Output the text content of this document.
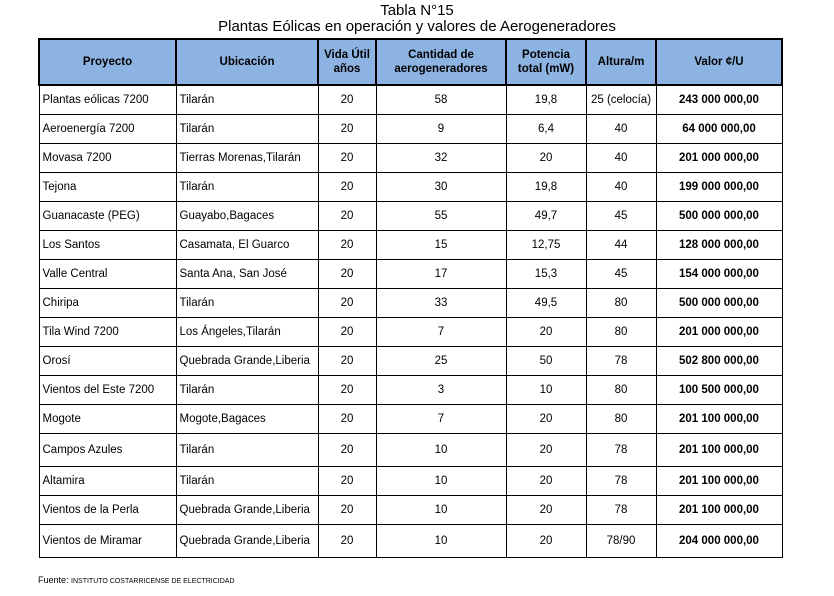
Tabla N°15
Plantas Eólicas en operación y valores de Aerogeneradores
Proyecto	Ubicación	Vida Útil años	Cantidad de aerogeneradores	Potencia total (mW)	Altura/m	Valor ¢/U
Plantas eólicas 7200	Tilarán	20	58	19,8	25 (celocía)	243 000 000,00
Aeroenergía 7200	Tilarán	20	9	6,4	40	64 000 000,00
Movasa 7200	Tierras Morenas,Tilarán	20	32	20	40	201 000 000,00
Tejona	Tilarán	20	30	19,8	40	199 000 000,00
Guanacaste (PEG)	Guayabo,Bagaces	20	55	49,7	45	500 000 000,00
Los Santos	Casamata, El Guarco	20	15	12,75	44	128 000 000,00
Valle Central	Santa Ana, San José	20	17	15,3	45	154 000 000,00
Chiripa	Tilarán	20	33	49,5	80	500 000 000,00
Tila Wind 7200	Los Ángeles,Tilarán	20	7	20	80	201 000 000,00
Orosí	Quebrada Grande,Liberia	20	25	50	78	502 800 000,00
Vientos del Este 7200	Tilarán	20	3	10	80	100 500 000,00
Mogote	Mogote,Bagaces	20	7	20	80	201 100 000,00
Campos Azules	Tilarán	20	10	20	78	201 100 000,00
Altamira	Tilarán	20	10	20	78	201 100 000,00
Vientos de la Perla	Quebrada Grande,Liberia	20	10	20	78	201 100 000,00
Vientos de Miramar	Quebrada Grande,Liberia	20	10	20	78/90	204 000 000,00
Fuente: INSTITUTO COSTARRICENSE DE ELECTRICIDAD
